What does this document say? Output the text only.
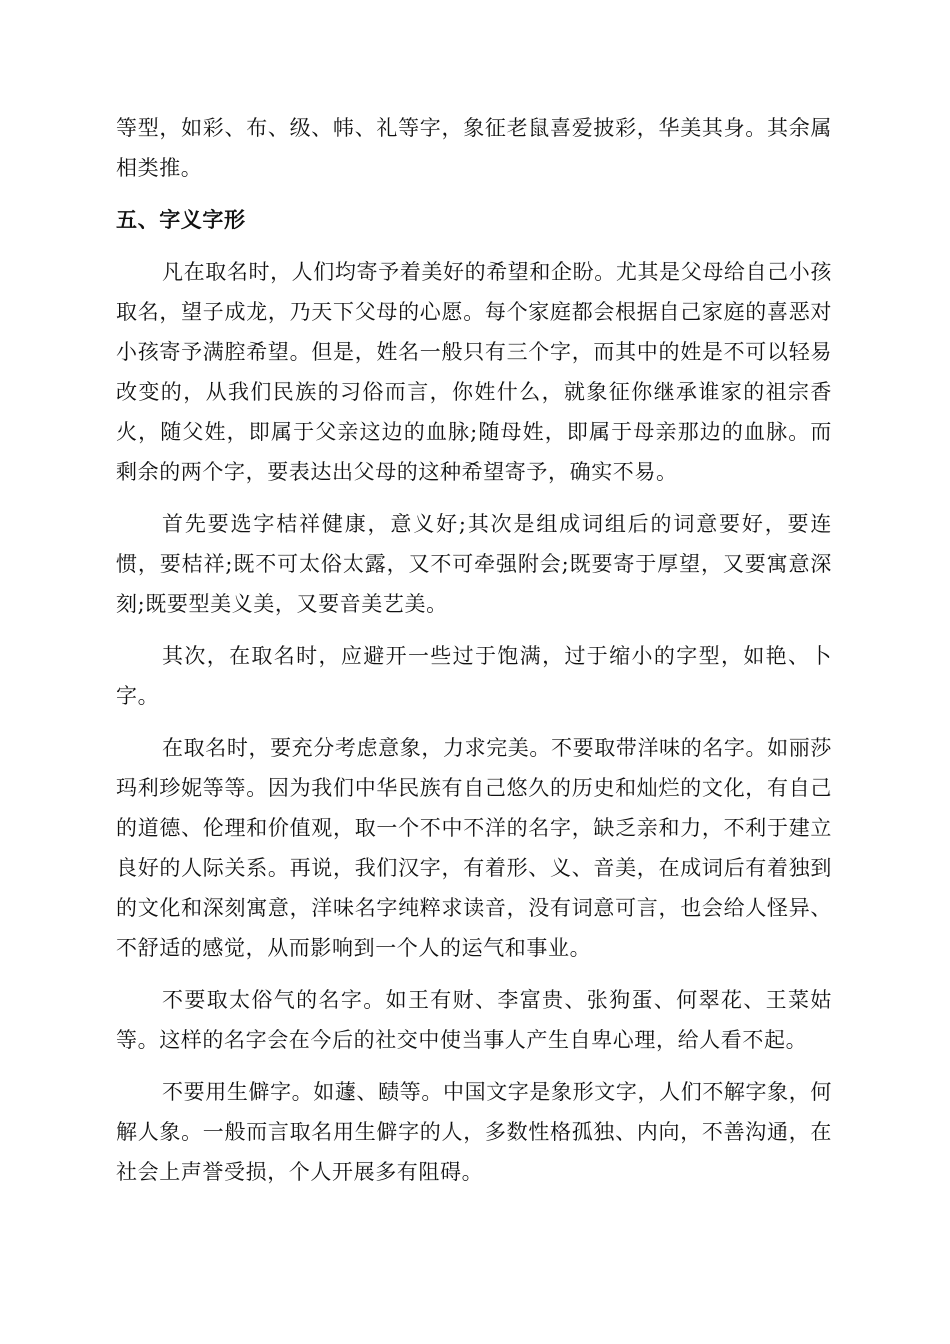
等型，如彩、布、级、帏、礼等字，象征老鼠喜爱披彩，华美其身。其余属相类推。

五、字义字形

凡在取名时，人们均寄予着美好的希望和企盼。尤其是父母给自己小孩取名，望子成龙，乃天下父母的心愿。每个家庭都会根据自己家庭的喜恶对小孩寄予满腔希望。但是，姓名一般只有三个字，而其中的姓是不可以轻易改变的，从我们民族的习俗而言，你姓什么，就象征你继承谁家的祖宗香火，随父姓，即属于父亲这边的血脉;随母姓，即属于母亲那边的血脉。而剩余的两个字，要表达出父母的这种希望寄予，确实不易。

首先要选字桔祥健康，意义好;其次是组成词组后的词意要好，要连惯，要桔祥;既不可太俗太露，又不可牵强附会;既要寄于厚望，又要寓意深刻;既要型美义美，又要音美艺美。

其次，在取名时，应避开一些过于饱满，过于缩小的字型，如艳、卜字。

在取名时，要充分考虑意象，力求完美。不要取带洋味的名字。如丽莎玛利珍妮等等。因为我们中华民族有自己悠久的历史和灿烂的文化，有自己的道德、伦理和价值观，取一个不中不洋的名字，缺乏亲和力，不利于建立良好的人际关系。再说，我们汉字，有着形、义、音美，在成词后有着独到的文化和深刻寓意，洋味名字纯粹求读音，没有词意可言，也会给人怪异、不舒适的感觉，从而影响到一个人的运气和事业。

不要取太俗气的名字。如王有财、李富贵、张狗蛋、何翠花、王菜姑等。这样的名字会在今后的社交中使当事人产生自卑心理，给人看不起。

不要用生僻字。如蘧、赜等。中国文字是象形文字，人们不解字象，何解人象。一般而言取名用生僻字的人，多数性格孤独、内向，不善沟通，在社会上声誉受损，个人开展多有阻碍。
